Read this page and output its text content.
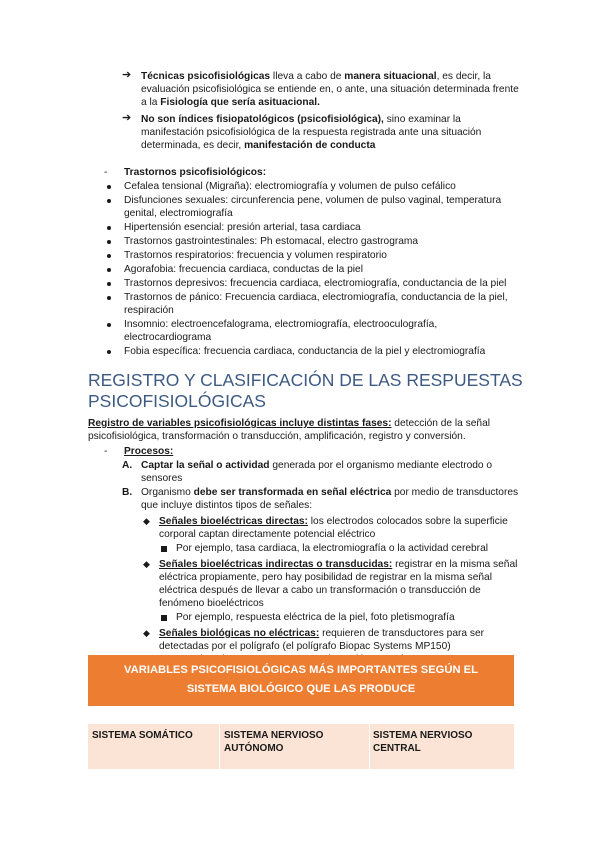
➔ Técnicas psicofisiológicas lleva a cabo de manera situacional, es decir, la
evaluación psicofisiológica se entiende en, o ante, una situación determinada frente
a la Fisiología que sería asituacional.
➔ No son índices fisiopatológicos (psicofisiológica), sino examinar la
manifestación psicofisiológica de la respuesta registrada ante una situación
determinada, es decir, manifestación de conducta
- Trastornos psicofisiológicos:
Cefalea tensional (Migraña): electromiografía y volumen de pulso cefálico
Disfunciones sexuales: circunferencia pene, volumen de pulso vaginal, temperatura
genital, electromiografía
Hipertensión esencial: presión arterial, tasa cardiaca
Trastornos gastrointestinales: Ph estomacal, electro gastrograma
Trastornos respiratorios: frecuencia y volumen respiratorio
Agorafobia: frecuencia cardiaca, conductas de la piel
Trastornos depresivos: frecuencia cardiaca, electromiografía, conductancia de la piel
Trastornos de pánico: Frecuencia cardiaca, electromiografía, conductancia de la piel,
respiración
Insomnio: electroencefalograma, electromiografía, electrooculografía,
electrocardiograma
Fobia específica: frecuencia cardiaca, conductancia de la piel y electromiografía
REGISTRO Y CLASIFICACIÓN DE LAS RESPUESTAS
PSICOFISIOLÓGICAS
Registro de variables psicofisiológicas incluye distintas fases: detección de la señal
psicofisiológica, transformación o transducción, amplificación, registro y conversión.
- Procesos:
A. Captar la señal o actividad generada por el organismo mediante electrodo o
sensores
B. Organismo debe ser transformada en señal eléctrica por medio de transductores
que incluye distintos tipos de señales:
◆ Señales bioeléctricas directas: los electrodos colocados sobre la superficie
corporal captan directamente potencial eléctrico
Por ejemplo, tasa cardiaca, la electromiografía o la actividad cerebral
◆ Señales bioeléctricas indirectas o transducidas: registrar en la misma señal
eléctrica propiamente, pero hay posibilidad de registrar en la misma señal
eléctrica después de llevar a cabo un transformación o transducción de
fenómeno bioeléctricos
Por ejemplo, respuesta eléctrica de la piel, foto pletismografía
◆ Señales biológicas no eléctricas: requieren de transductores para ser
detectadas por el polígrafo (el polígrafo Biopac Systems MP150)
VARIABLES PSICOFISIOLÓGICAS MÁS IMPORTANTES SEGÚN EL
SISTEMA BIOLÓGICO QUE LAS PRODUCE
SISTEMA SOMÁTICO	SISTEMA NERVIOSO
AUTÓNOMO
SISTEMA NERVIOSO
CENTRAL
